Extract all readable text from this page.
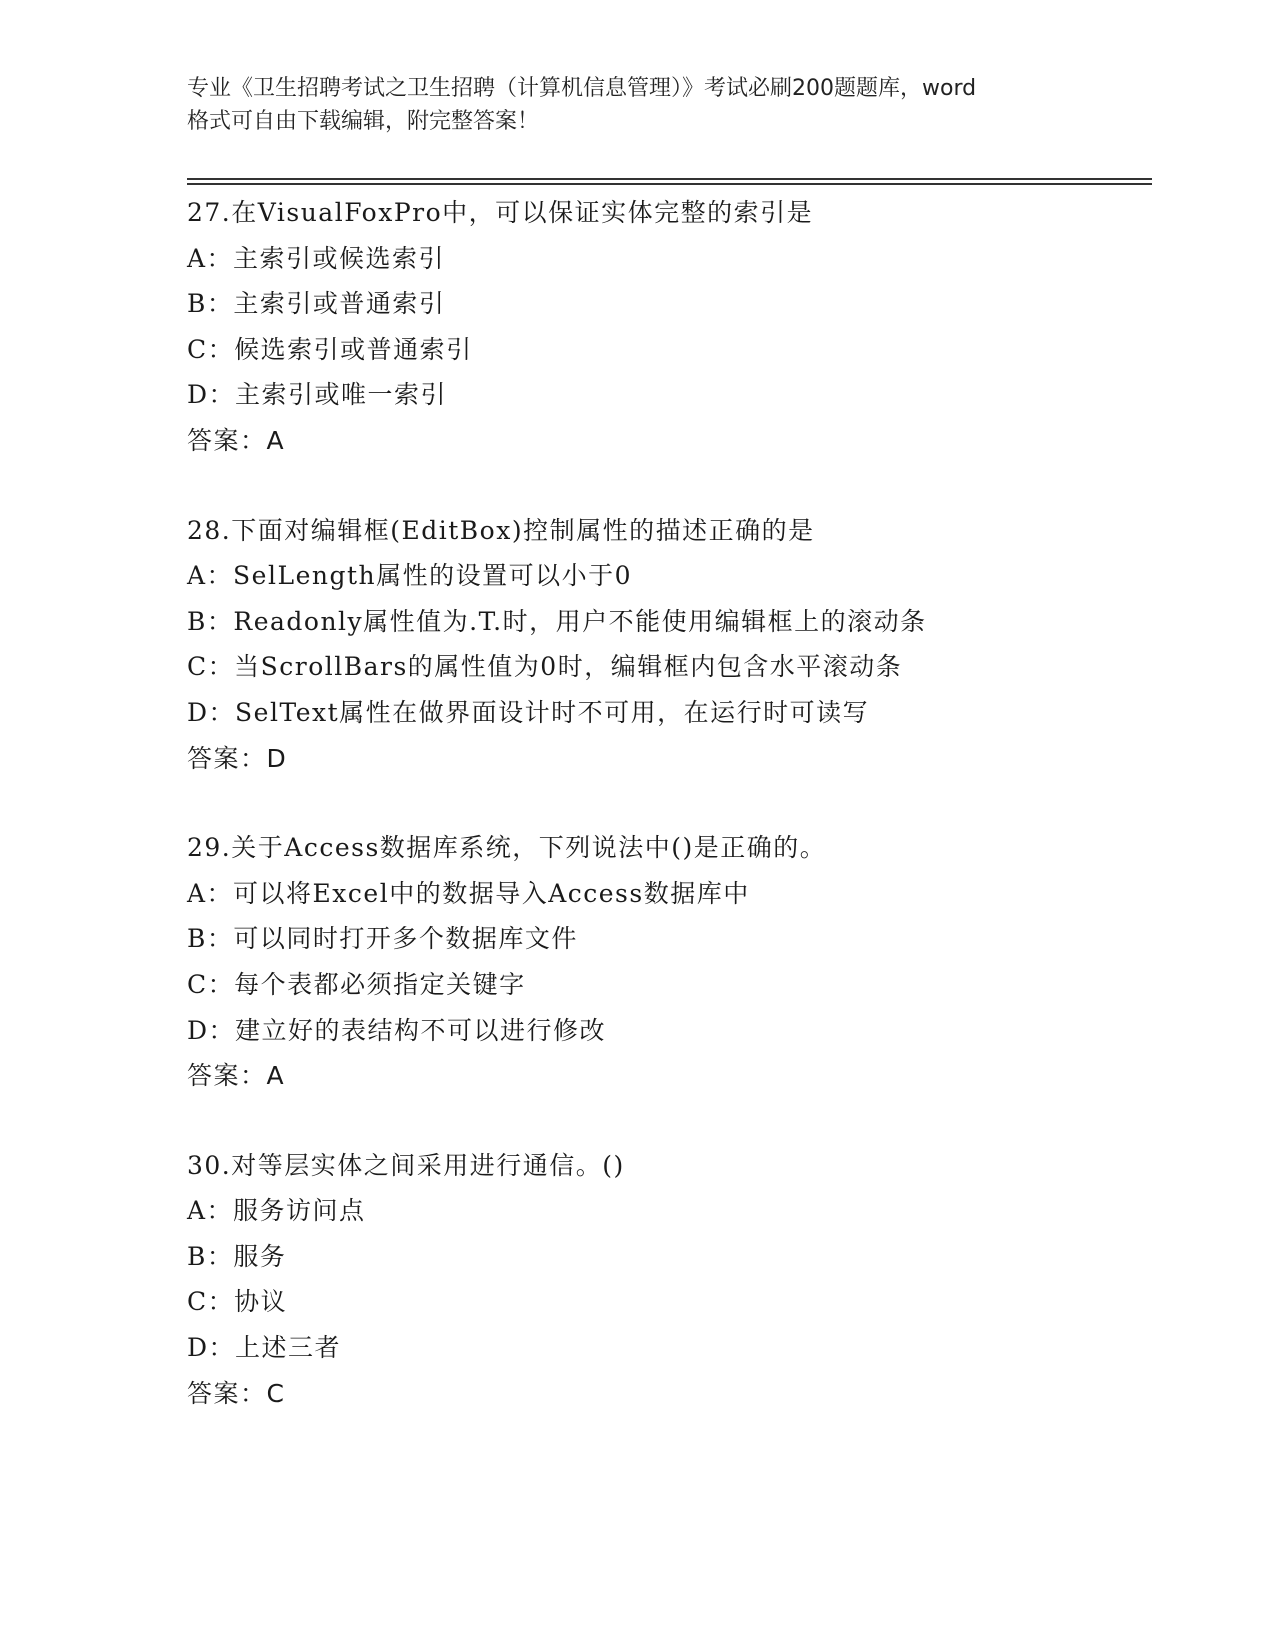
专业《卫生招聘考试之卫生招聘（计算机信息管理）》考试必刷200题题库，word
格式可自由下载编辑，附完整答案！
27.在VisualFoxPro中，可以保证实体完整的索引是
A：主索引或候选索引
B：主索引或普通索引
C：候选索引或普通索引
D：主索引或唯一索引
答案：A
28.下面对编辑框(EditBox)控制属性的描述正确的是
A：SelLength属性的设置可以小于0
B：Readonly属性值为.T.时，用户不能使用编辑框上的滚动条
C：当ScrollBars的属性值为0时，编辑框内包含水平滚动条
D：SelText属性在做界面设计时不可用，在运行时可读写
答案：D
29.关于Access数据库系统，下列说法中()是正确的。
A：可以将Excel中的数据导入Access数据库中
B：可以同时打开多个数据库文件
C：每个表都必须指定关键字
D：建立好的表结构不可以进行修改
答案：A
30.对等层实体之间采用进行通信。()
A：服务访问点
B：服务
C：协议
D：上述三者
答案：C
